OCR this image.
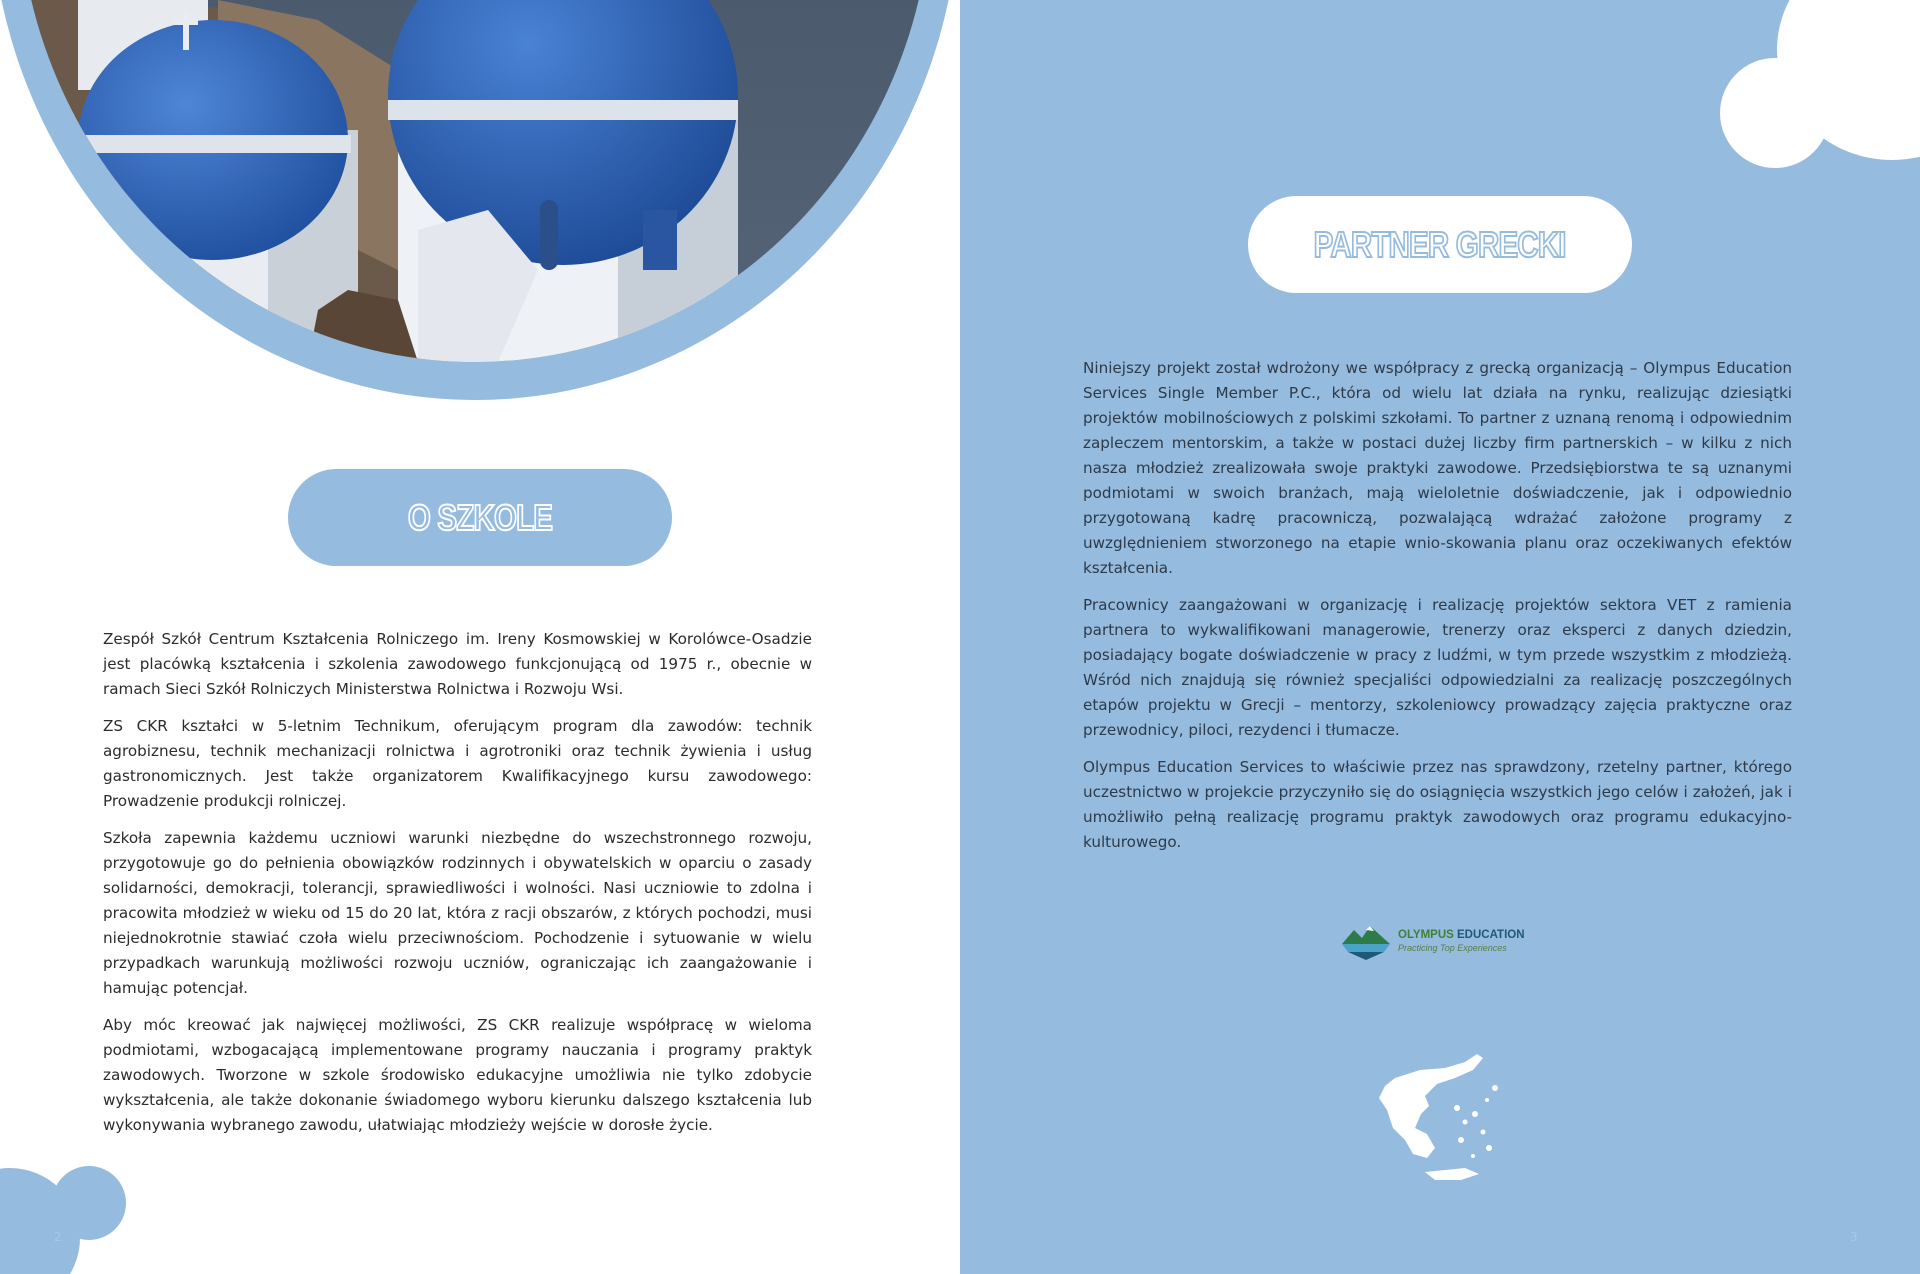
O SZKOLE

Zespół Szkół Centrum Kształcenia Rolniczego im. Ireny Kosmowskiej w Korolówce-Osadzie jest placówką kształcenia i szkolenia zawodowego funkcjonującą od 1975 r., obecnie w ramach Sieci Szkół Rolniczych Ministerstwa Rolnictwa i Rozwoju Wsi.

ZS CKR kształci w 5-letnim Technikum, oferującym program dla zawodów: technik agrobiznesu, technik mechanizacji rolnictwa i agrotroniki oraz technik żywienia i usług gastronomicznych. Jest także organizatorem Kwalifikacyjnego kursu zawodowego: Prowadzenie produkcji rolniczej.

Szkoła zapewnia każdemu uczniowi warunki niezbędne do wszechstronnego rozwoju, przygotowuje go do pełnienia obowiązków rodzinnych i obywatelskich w oparciu o zasady solidarności, demokracji, tolerancji, sprawiedliwości i wolności. Nasi uczniowie to zdolna i pracowita młodzież w wieku od 15 do 20 lat, która z racji obszarów, z których pochodzi, musi niejednokrotnie stawiać czoła wielu przeciwnościom. Pochodzenie i sytuowanie w wielu przypadkach warunkują możliwości rozwoju uczniów, ograniczając ich zaangażowanie i hamując potencjał.

Aby móc kreować jak najwięcej możliwości, ZS CKR realizuje współpracę w wieloma podmiotami, wzbogacającą implementowane programy nauczania i programy praktyk zawodowych. Tworzone w szkole środowisko edukacyjne umożliwia nie tylko zdobycie wykształcenia, ale także dokonanie świadomego wyboru kierunku dalszego kształcenia lub wykonywania wybranego zawodu, ułatwiając młodzieży wejście w dorosłe życie.

2
PARTNER GRECKI

Niniejszy projekt został wdrożony we współpracy z grecką organizacją – Olympus Education Services Single Member P.C., która od wielu lat działa na rynku, realizując dziesiątki projektów mobilnościowych z polskimi szkołami. To partner z uznaną renomą i odpowiednim zapleczem mentorskim, a także w postaci dużej liczby firm partnerskich – w kilku z nich nasza młodzież zrealizowała swoje praktyki zawodowe. Przedsiębiorstwa te są uznanymi podmiotami w swoich branżach, mają wieloletnie doświadczenie, jak i odpowiednio przygotowaną kadrę pracowniczą, pozwalającą wdrażać założone programy z uwzględnieniem stworzonego na etapie wnio-skowania planu oraz oczekiwanych efektów kształcenia.

Pracownicy zaangażowani w organizację i realizację projektów sektora VET z ramienia partnera to wykwalifikowani managerowie, trenerzy oraz eksperci z danych dziedzin, posiadający bogate doświadczenie w pracy z ludźmi, w tym przede wszystkim z młodzieżą. Wśród nich znajdują się również specjaliści odpowiedzialni za realizację poszczególnych etapów projektu w Grecji – mentorzy, szkoleniowcy prowadzący zajęcia praktyczne oraz przewodnicy, piloci, rezydenci i tłumacze.

Olympus Education Services to właściwie przez nas sprawdzony, rzetelny partner, którego uczestnictwo w projekcie przyczyniło się do osiągnięcia wszystkich jego celów i założeń, jak i umożliwiło pełną realizację programu praktyk zawodowych oraz programu edukacyjno-kulturowego.

OLYMPUS EDUCATION
Practicing Top Experiences
3
